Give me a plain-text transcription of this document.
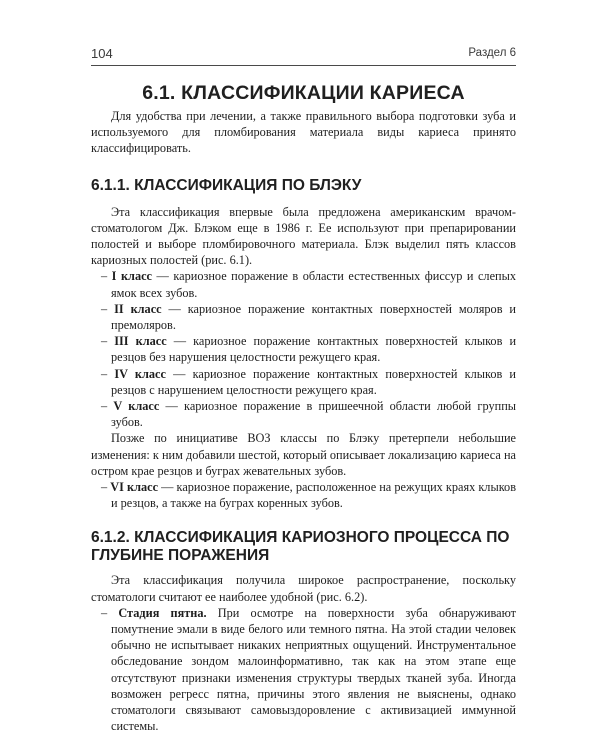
104	Раздел 6
6.1. КЛАССИФИКАЦИИ КАРИЕСА

Для удобства при лечении, а также правильного выбора подготовки зуба и используемого для пломбирования материала виды кариеса принято классифицировать.

6.1.1. КЛАССИФИКАЦИЯ ПО БЛЭКУ

Эта классификация впервые была предложена американским врачом-стоматологом Дж. Блэком еще в 1986 г. Ее используют при препарировании полостей и выборе пломбировочного материала. Блэк выделил пять классов кариозных полостей (рис. 6.1).

– I класс — кариозное поражение в области естественных фиссур и слепых ямок всех зубов.
– II класс — кариозное поражение контактных поверхностей моляров и премоляров.
– III класс — кариозное поражение контактных поверхностей клыков и резцов без нарушения целостности режущего края.
– IV класс — кариозное поражение контактных поверхностей клыков и резцов с нарушением целостности режущего края.
– V класс — кариозное поражение в пришеечной области любой группы зубов.

Позже по инициативе ВОЗ классы по Блэку претерпели небольшие изменения: к ним добавили шестой, который описывает локализацию кариеса на остром крае резцов и буграх жевательных зубов.

– VI класс — кариозное поражение, расположенное на режущих краях клыков и резцов, а также на буграх коренных зубов.
6.1.2. КЛАССИФИКАЦИЯ КАРИОЗНОГО ПРОЦЕССА ПО ГЛУБИНЕ ПОРАЖЕНИЯ

Эта классификация получила широкое распространение, поскольку стоматологи считают ее наиболее удобной (рис. 6.2).

– Стадия пятна. При осмотре на поверхности зуба обнаруживают помутнение эмали в виде белого или темного пятна. На этой стадии человек обычно не испытывает никаких неприятных ощущений. Инструментальное обследование зондом малоинформативно, так как на этом этапе еще отсутствуют признаки изменения структуры твердых тканей зуба. Иногда возможен регресс пятна, причины этого явления не выяснены, однако стоматологи связывают самовыздоровление с активизацией иммунной системы.
